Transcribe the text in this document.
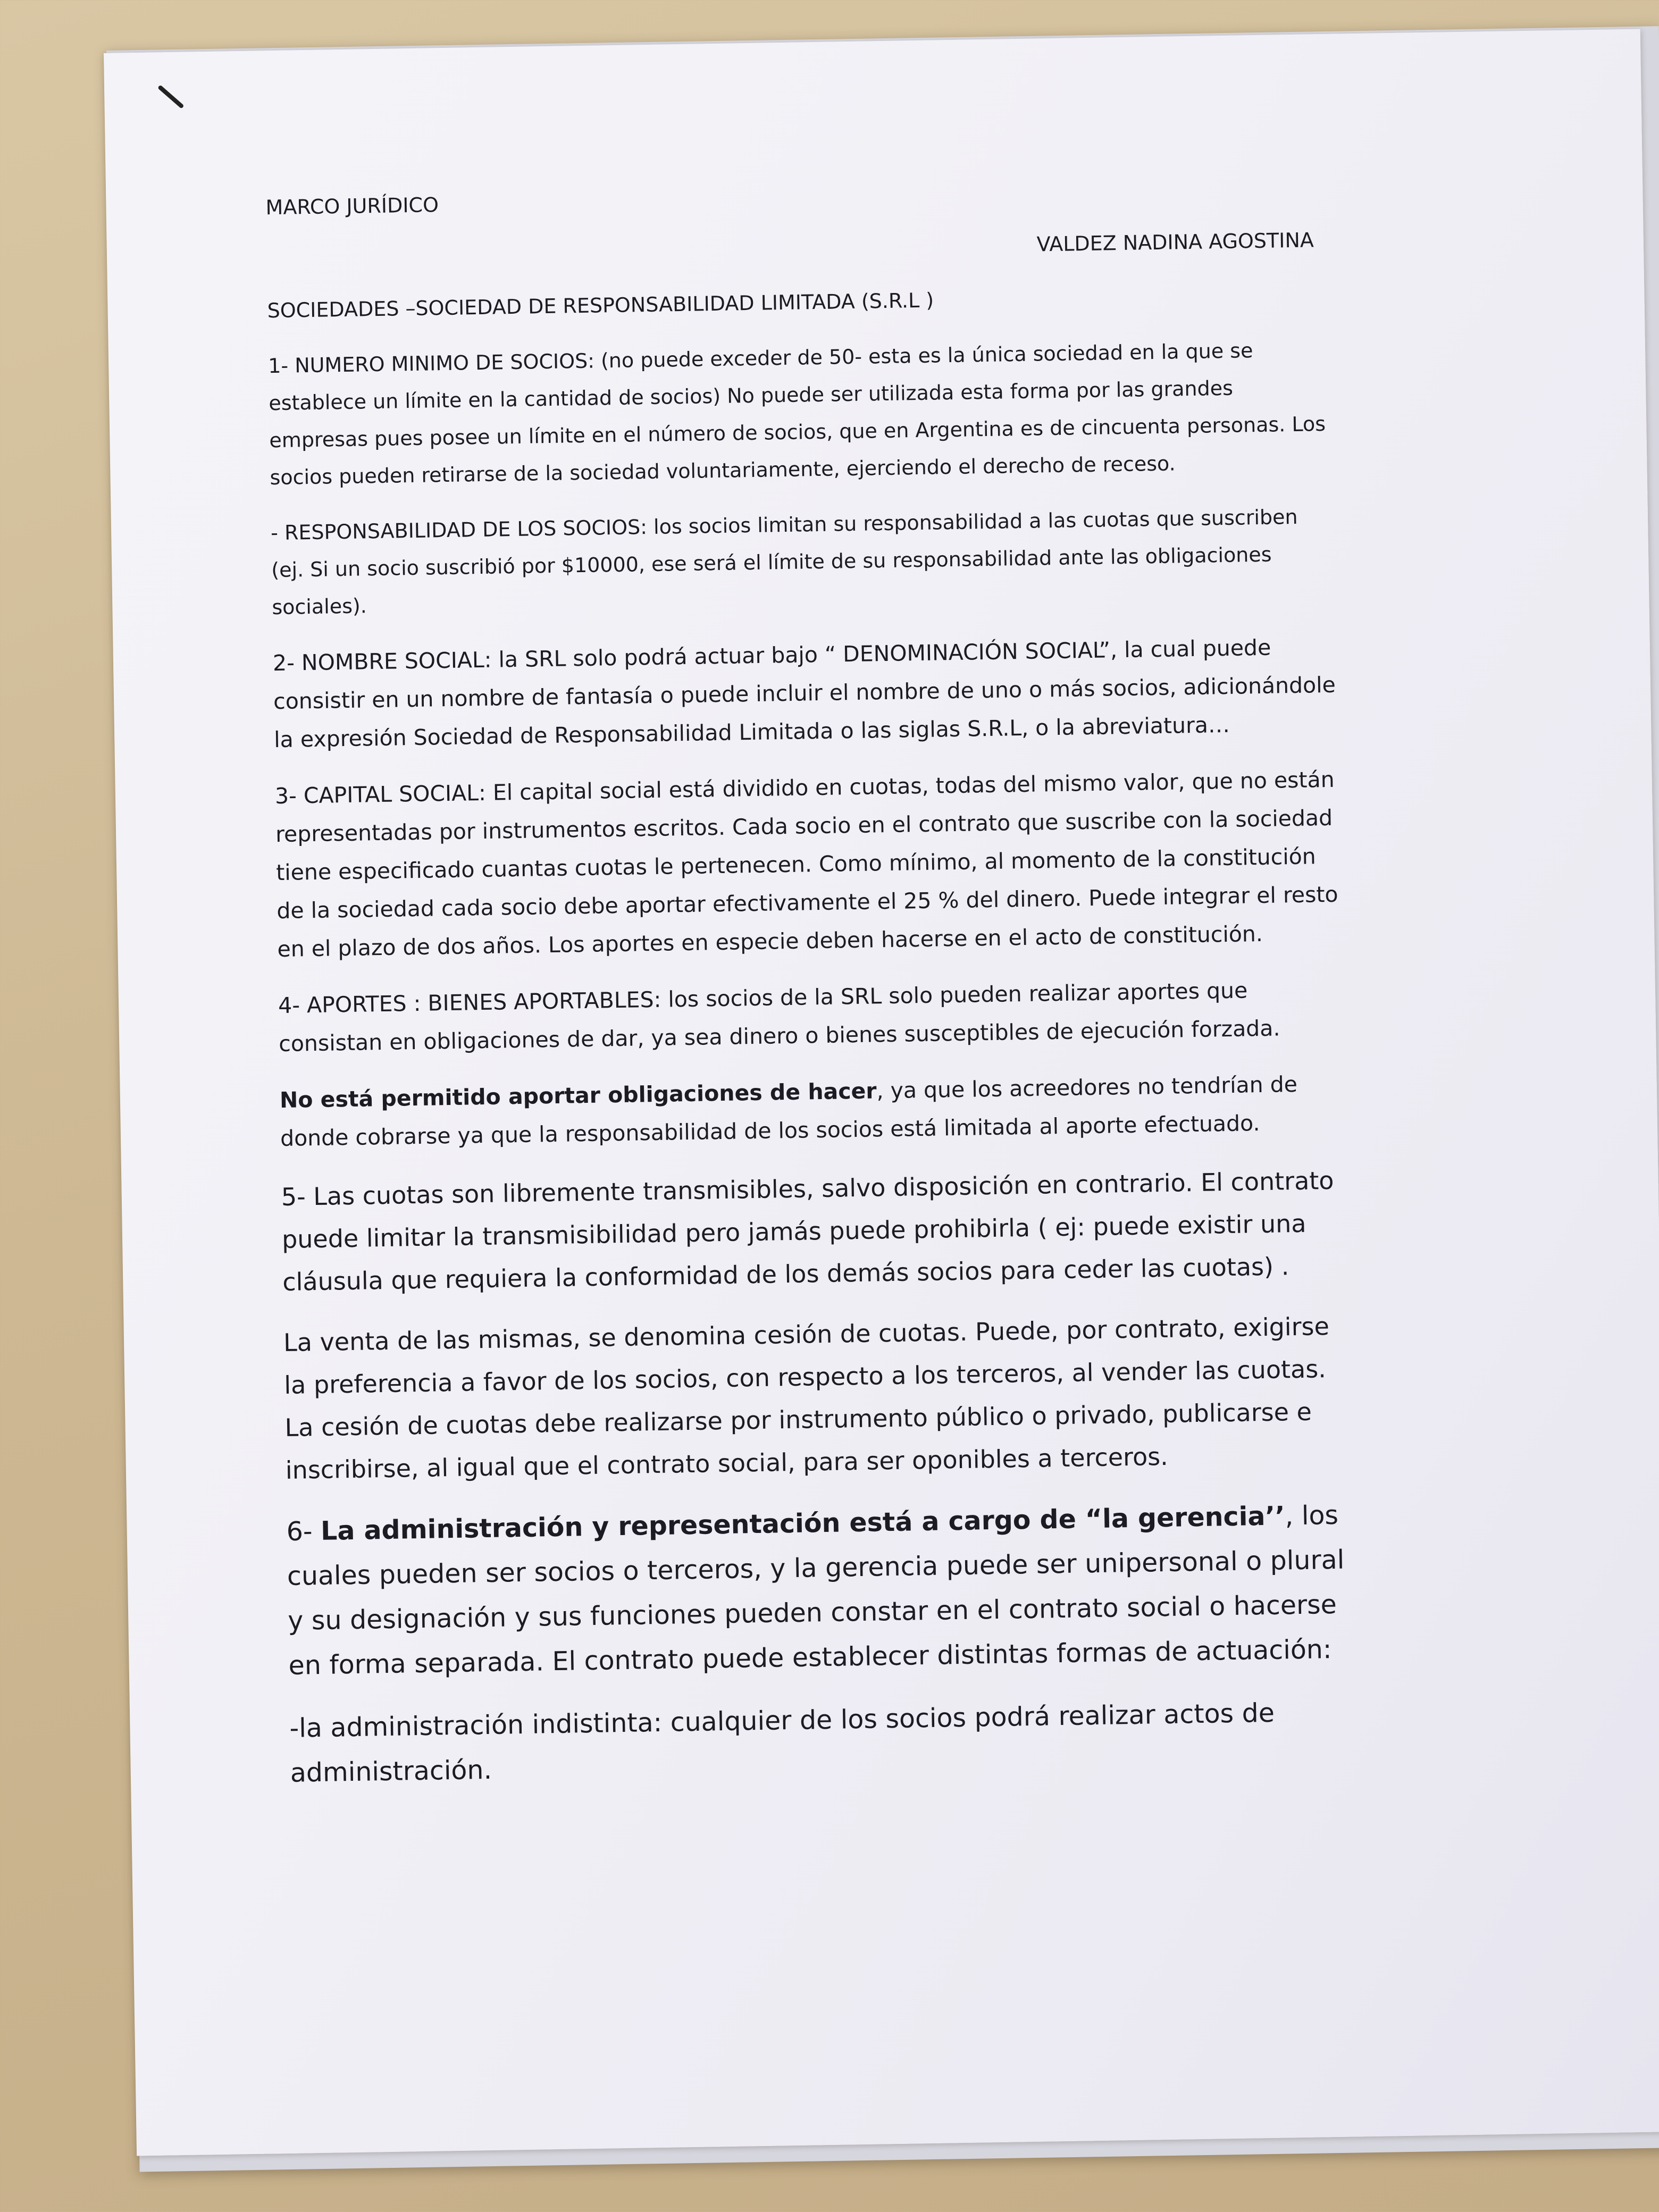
MARCO JURÍDICO
VALDEZ NADINA AGOSTINA
SOCIEDADES –SOCIEDAD DE RESPONSABILIDAD LIMITADA (S.R.L )

1- NUMERO MINIMO DE SOCIOS: (no puede exceder de 50- esta es la única sociedad en la que se establece un límite en la cantidad de socios) No puede ser utilizada esta forma por las grandes empresas pues posee un límite en el número de socios, que en Argentina es de cincuenta personas. Los socios pueden retirarse de la sociedad voluntariamente, ejerciendo el derecho de receso.

- RESPONSABILIDAD DE LOS SOCIOS: los socios limitan su responsabilidad a las cuotas que suscriben (ej. Si un socio suscribió por $10000, ese será el límite de su responsabilidad ante las obligaciones sociales).

2- NOMBRE SOCIAL: la SRL solo podrá actuar bajo “ DENOMINACIÓN SOCIAL”, la cual puede consistir en un nombre de fantasía o puede incluir el nombre de uno o más socios, adicionándole la expresión Sociedad de Responsabilidad Limitada o las siglas S.R.L, o la abreviatura…

3- CAPITAL SOCIAL: El capital social está dividido en cuotas, todas del mismo valor, que no están representadas por instrumentos escritos. Cada socio en el contrato que suscribe con la sociedad tiene especificado cuantas cuotas le pertenecen. Como mínimo, al momento de la constitución de la sociedad cada socio debe aportar efectivamente el 25 % del dinero. Puede integrar el resto en el plazo de dos años. Los aportes en especie deben hacerse en el acto de constitución.

4- APORTES : BIENES APORTABLES: los socios de la SRL solo pueden realizar aportes que consistan en obligaciones de dar, ya sea dinero o bienes susceptibles de ejecución forzada.

No está permitido aportar obligaciones de hacer, ya que los acreedores no tendrían de donde cobrarse ya que la responsabilidad de los socios está limitada al aporte efectuado.

5- Las cuotas son libremente transmisibles, salvo disposición en contrario. El contrato puede limitar la transmisibilidad pero jamás puede prohibirla ( ej: puede existir una cláusula que requiera la conformidad de los demás socios para ceder las cuotas) .

La venta de las mismas, se denomina cesión de cuotas. Puede, por contrato, exigirse la preferencia a favor de los socios, con respecto a los terceros, al vender las cuotas. La cesión de cuotas debe realizarse por instrumento público o privado, publicarse e inscribirse, al igual que el contrato social, para ser oponibles a terceros.

6- La administración y representación está a cargo de “la gerencia’’, los cuales pueden ser socios o terceros, y la gerencia puede ser unipersonal o plural y su designación y sus funciones pueden constar en el contrato social o hacerse en forma separada. El contrato puede establecer distintas formas de actuación:

-la administración indistinta: cualquier de los socios podrá realizar actos de administración.
